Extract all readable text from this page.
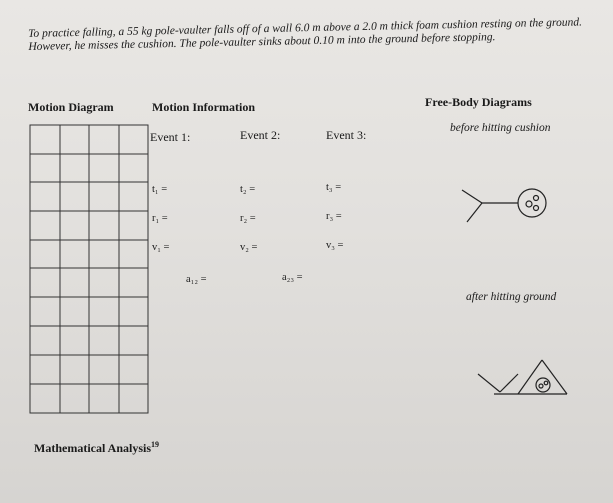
To practice falling, a 55 kg pole-vaulter falls off of a wall 6.0 m above a 2.0 m thick foam cushion resting on the ground. However, he misses the cushion. The pole-vaulter sinks about 0.10 m into the ground before stopping.
Motion Diagram	Motion Information	Free-Body Diagrams
before hitting cushion
after hitting ground
Event 1:	Event 2:	Event 3:
t₁ =	t₂ =	t₃ =
r₁ =	r₂ =	r₃ =
v₁ =	v₂ =	v₃ =
a₁₂ =	a₂₃ =
Mathematical Analysis$^{19}$
